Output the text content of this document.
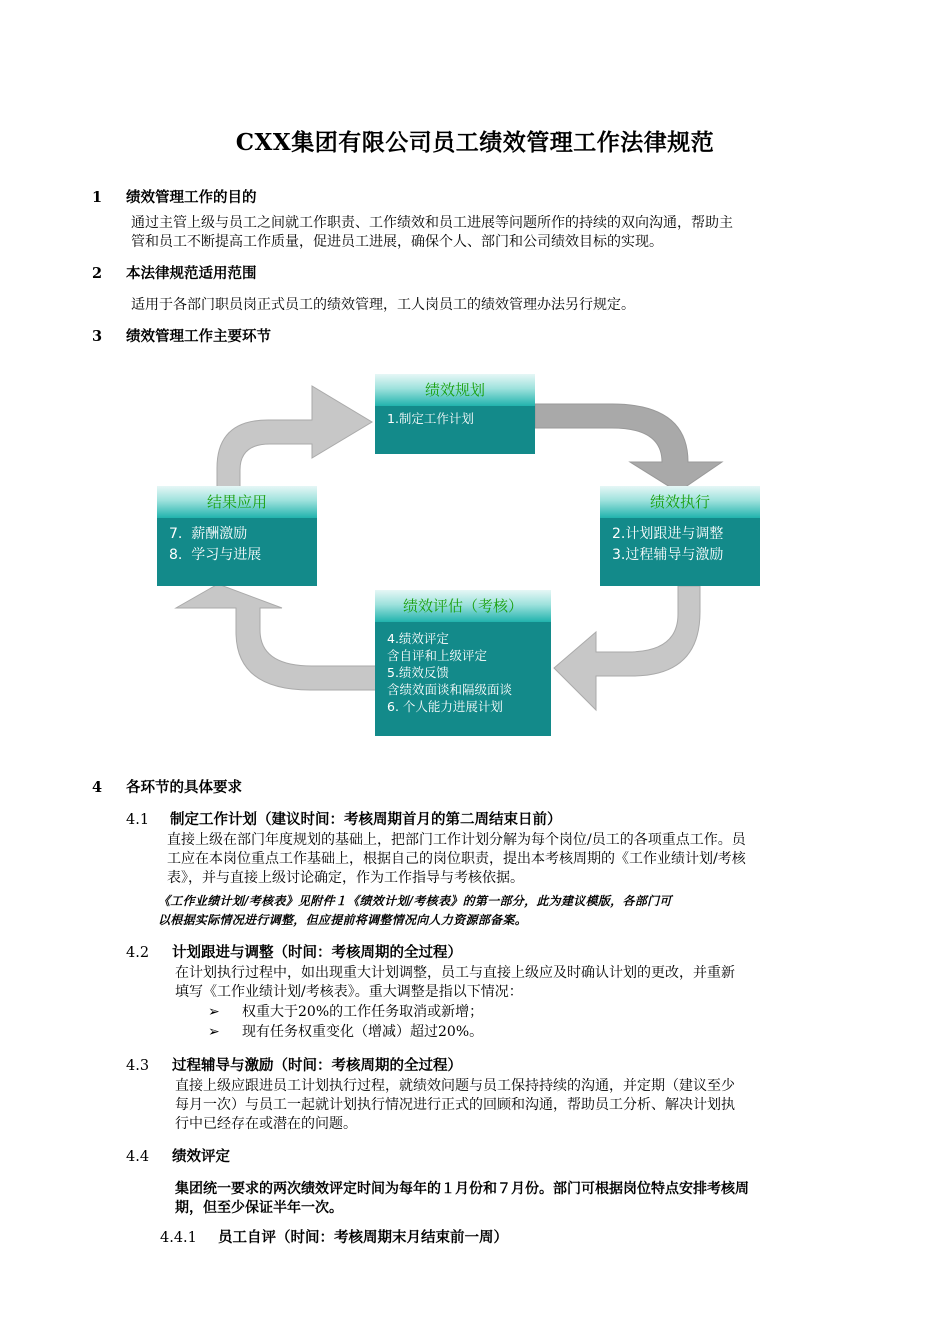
CXX集团有限公司员工绩效管理工作法律规范
1 绩效管理工作的目的
通过主管上级与员工之间就工作职责、工作绩效和员工进展等问题所作的持续的双向沟通，帮助主
管和员工不断提高工作质量，促进员工进展，确保个人、部门和公司绩效目标的实现。
2 本法律规范适用范围
适用于各部门职员岗正式员工的绩效管理，工人岗员工的绩效管理办法另行规定。
3 绩效管理工作主要环节
绩效规划
1.制定工作计划
绩效执行
2.计划跟进与调整
3.过程辅导与激励
结果应用
7.  薪酬激励
8.  学习与进展
绩效评估（考核）
4.绩效评定
含自评和上级评定
5.绩效反馈
含绩效面谈和隔级面谈
6. 个人能力进展计划
4 各环节的具体要求
4.1 制定工作计划（建议时间：考核周期首月的第二周结束日前）
直接上级在部门年度规划的基础上，把部门工作计划分解为每个岗位/员工的各项重点工作。员
工应在本岗位重点工作基础上，根据自己的岗位职责，提出本考核周期的《工作业绩计划/考核
表》，并与直接上级讨论确定，作为工作指导与考核依据。
《工作业绩计划/考核表》见附件１《绩效计划/考核表》的第一部分，此为建议模版，各部门可
以根据实际情况进行调整，但应提前将调整情况向人力资源部备案。
4.2 计划跟进与调整（时间：考核周期的全过程）
在计划执行过程中，如出现重大计划调整，员工与直接上级应及时确认计划的更改，并重新
填写《工作业绩计划/考核表》。重大调整是指以下情况：
➢ 权重大于20%的工作任务取消或新增；
➢ 现有任务权重变化（增减）超过20%。
4.3 过程辅导与激励（时间：考核周期的全过程）
直接上级应跟进员工计划执行过程，就绩效问题与员工保持持续的沟通，并定期（建议至少
每月一次）与员工一起就计划执行情况进行正式的回顾和沟通，帮助员工分析、解决计划执
行中已经存在或潜在的问题。
4.4 绩效评定
集团统一要求的两次绩效评定时间为每年的１月份和７月份。部门可根据岗位特点安排考核周
期，但至少保证半年一次。
4.4.1 员工自评（时间：考核周期末月结束前一周）
